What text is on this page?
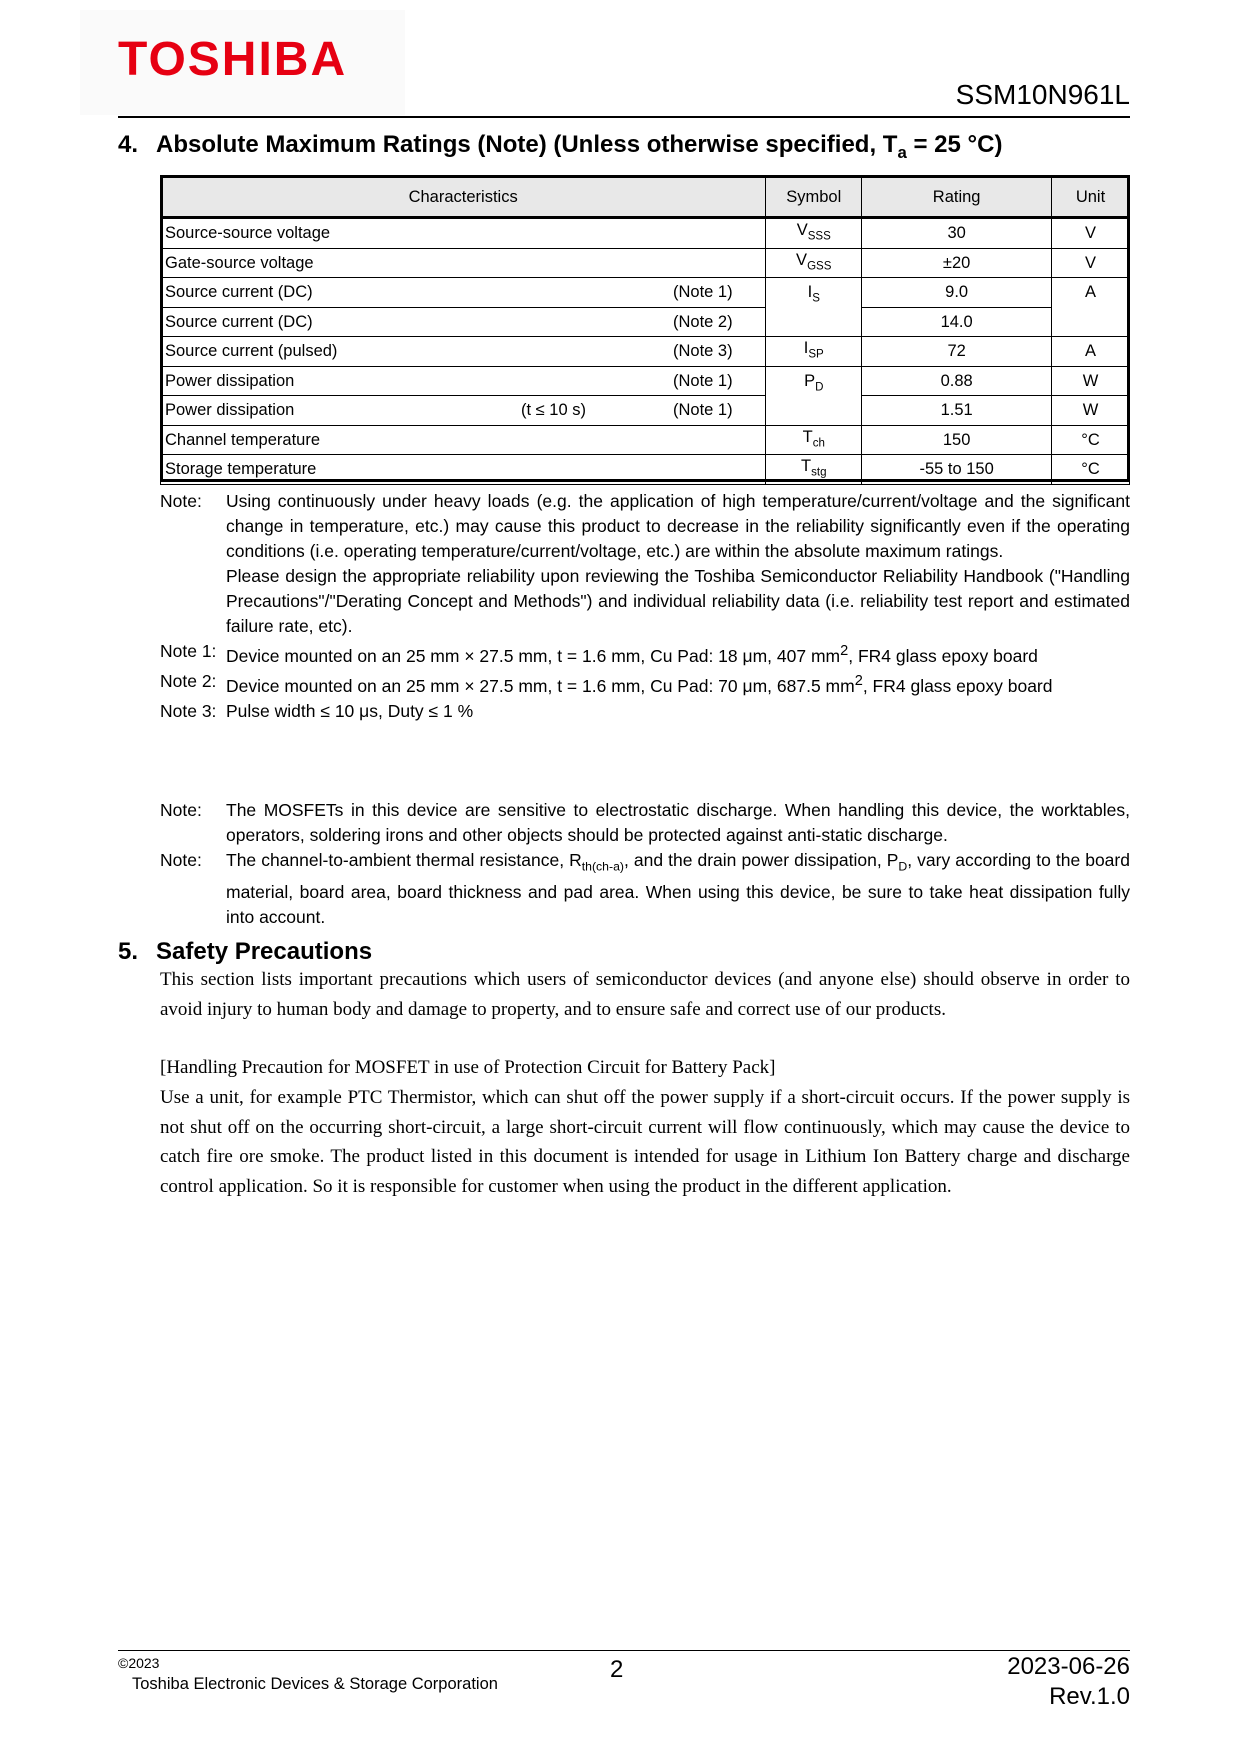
TOSHIBA
SSM10N961L
4. Absolute Maximum Ratings (Note) (Unless otherwise specified, $T_a = 25$ °C)
Characteristics	Symbol	Rating	Unit

Source-source voltage	$V_{SSS}$	30	V

Gate-source voltage	$V_{GSS}$	±20	V

Source current (DC) (Note 1)	$I_S$	9.0	A

Source current (DC) (Note 2)		14.0	

Source current (pulsed) (Note 3)	$I_{SP}$	72	A

Power dissipation (Note 1)	$P_D$	0.88	W

Power dissipation (t ≤ 10 s) (Note 1)		1.51	W

Channel temperature	$T_{ch}$	150	°C

Storage temperature	$T_{stg}$	-55 to 150	°C
Note:	Using continuously under heavy loads (e.g. the application of high temperature/current/voltage and the significant change in temperature, etc.) may cause this product to decrease in the reliability significantly even if the operating conditions (i.e. operating temperature/current/voltage, etc.) are within the absolute maximum ratings.
Please design the appropriate reliability upon reviewing the Toshiba Semiconductor Reliability Handbook ("Handling Precautions"/"Derating Concept and Methods") and individual reliability data (i.e. reliability test report and estimated failure rate, etc).
Note 1: Device mounted on an 25 mm × 27.5 mm, t = 1.6 mm, Cu Pad: 18 μm, 407 $mm^2$, FR4 glass epoxy board
Note 2: Device mounted on an 25 mm × 27.5 mm, t = 1.6 mm, Cu Pad: 70 μm, 687.5 $mm^2$, FR4 glass epoxy board
Note 3: Pulse width ≤ 10 μs, Duty ≤ 1 %
Note:	The MOSFETs in this device are sensitive to electrostatic discharge. When handling this device, the worktables, operators, soldering irons and other objects should be protected against anti-static discharge.
Note:	The channel-to-ambient thermal resistance, $R_{th(ch-a)}$, and the drain power dissipation, $P_D$, vary according to the board material, board area, board thickness and pad area. When using this device, be sure to take heat dissipation fully into account.
5. Safety Precautions
This section lists important precautions which users of semiconductor devices (and anyone else) should observe in order to avoid injury to human body and damage to property, and to ensure safe and correct use of our products.
[Handling Precaution for MOSFET in use of Protection Circuit for Battery Pack]
Use a unit, for example PTC Thermistor, which can shut off the power supply if a short-circuit occurs. If the power supply is not shut off on the occurring short-circuit, a large short-circuit current will flow continuously, which may cause the device to catch fire ore smoke. The product listed in this document is intended for usage in Lithium Ion Battery charge and discharge control application. So it is responsible for customer when using the product in the different application.
©2023
Toshiba Electronic Devices & Storage Corporation
2	2023-06-26
Rev.1.0
